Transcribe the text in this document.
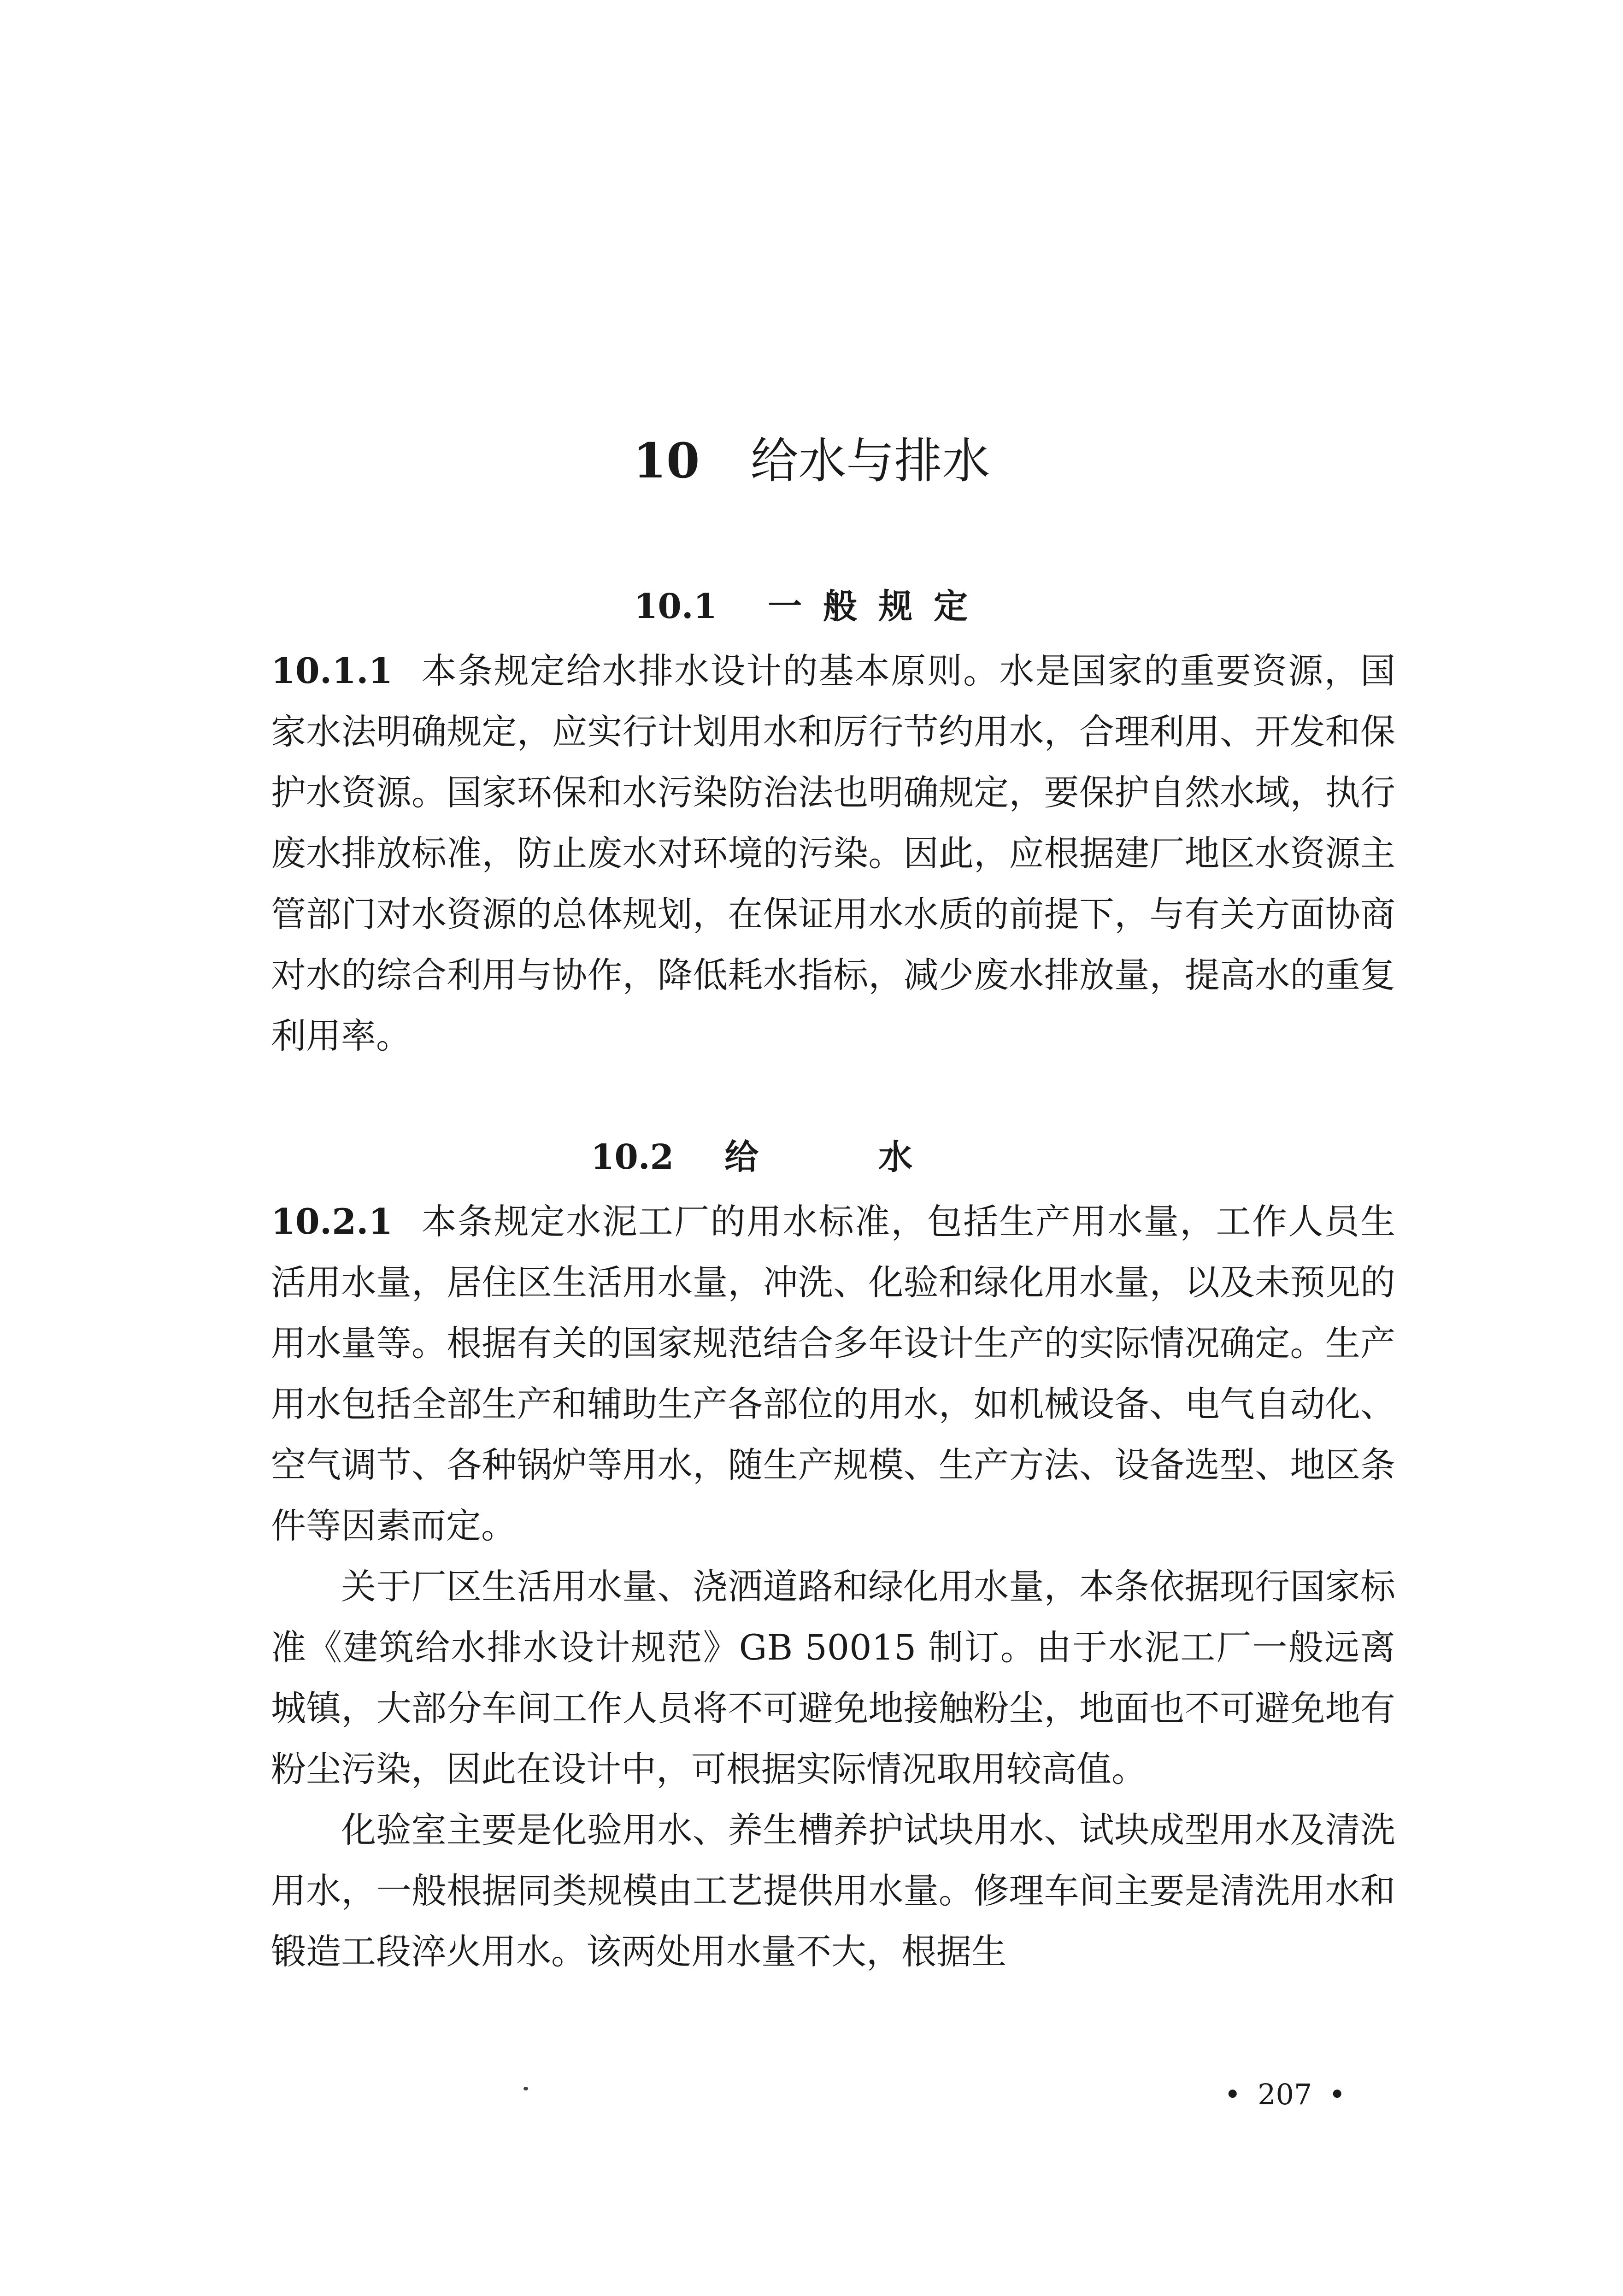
10 给水与排水
10.1 一般规定

10.1.1 本条规定给水排水设计的基本原则。水是国家的重要资源，国家水法明确规定，应实行计划用水和厉行节约用水，合理利用、开发和保护水资源。国家环保和水污染防治法也明确规定，要保护自然水域，执行废水排放标准，防止废水对环境的污染。因此，应根据建厂地区水资源主管部门对水资源的总体规划，在保证用水水质的前提下，与有关方面协商对水的综合利用与协作，降低耗水指标，减少废水排放量，提高水的重复利用率。

10.2 给水

10.2.1 本条规定水泥工厂的用水标准，包括生产用水量，工作人员生活用水量，居住区生活用水量，冲洗、化验和绿化用水量，以及未预见的用水量等。根据有关的国家规范结合多年设计生产的实际情况确定。生产用水包括全部生产和辅助生产各部位的用水，如机械设备、电气自动化、空气调节、各种锅炉等用水，随生产规模、生产方法、设备选型、地区条件等因素而定。

关于厂区生活用水量、浇洒道路和绿化用水量，本条依据现行国家标准《建筑给水排水设计规范》GB 50015 制订。由于水泥工厂一般远离城镇，大部分车间工作人员将不可避免地接触粉尘，地面也不可避免地有粉尘污染，因此在设计中，可根据实际情况取用较高值。

化验室主要是化验用水、养生槽养护试块用水、试块成型用水及清洗用水，一般根据同类规模由工艺提供用水量。修理车间主要是清洗用水和锻造工段淬火用水。该两处用水量不大，根据生

• 207 •
